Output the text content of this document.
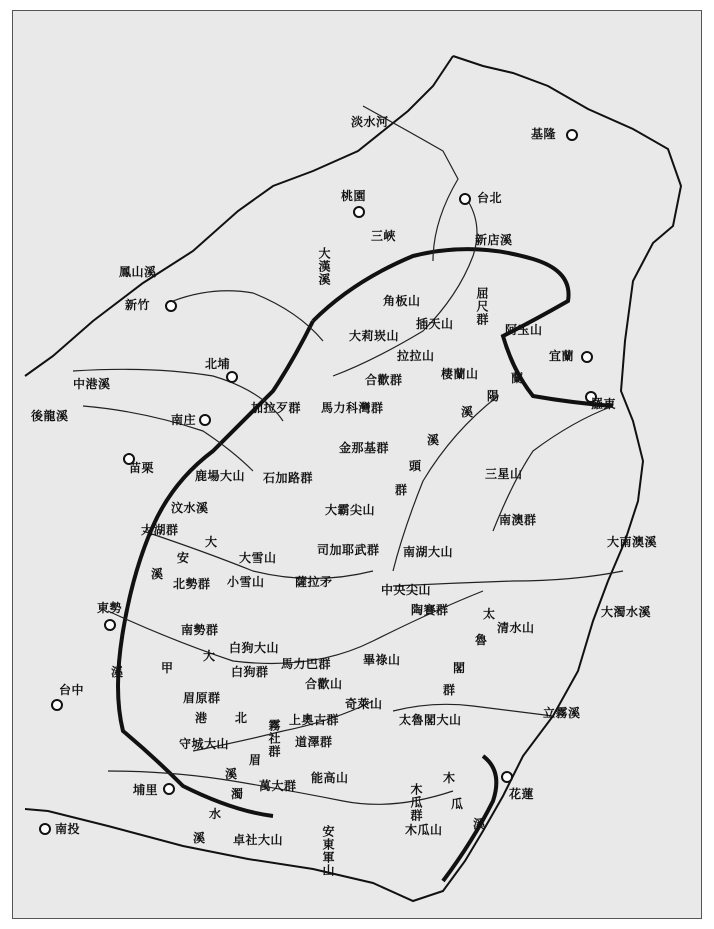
基隆
台北
桃園
三峽
新竹
北埔
南庄
苗栗
東勢
台中
埔里
南投
宜蘭
羅東
花蓮
淡水河
新店溪
大漢溪
鳳山溪
中港溪
後龍溪
汶水溪
大南澳溪
大濁水溪
立霧溪
清水山
角板山
插天山 屈尺群
阿玉山
大莉崁山
拉拉山
合歡群	棲蘭山
加拉歹群 馬力科灣群
金那基群
鹿場大山 石加路群
大霸尖山
三星山
南澳群
大湖群
大雪山
司加耶武群 南湖大山
北勢群 小雪山	薩拉矛
中央尖山
陶賽群
南勢群
白狗大山
白狗群
馬力巴群	畢祿山
合歡山
眉原群	奇萊山
太魯閣大山
上奧古群
道澤群
守城大山	霧社群
萬大群
能高山
木瓜群
木瓜山
卓社大山	安東軍山
大
甲
溪
大
安
溪
港 北
太
魯
閣
群
木
瓜
溪
眉
溪
濁
水
溪
蘭
陽
溪
頭
群
溪
